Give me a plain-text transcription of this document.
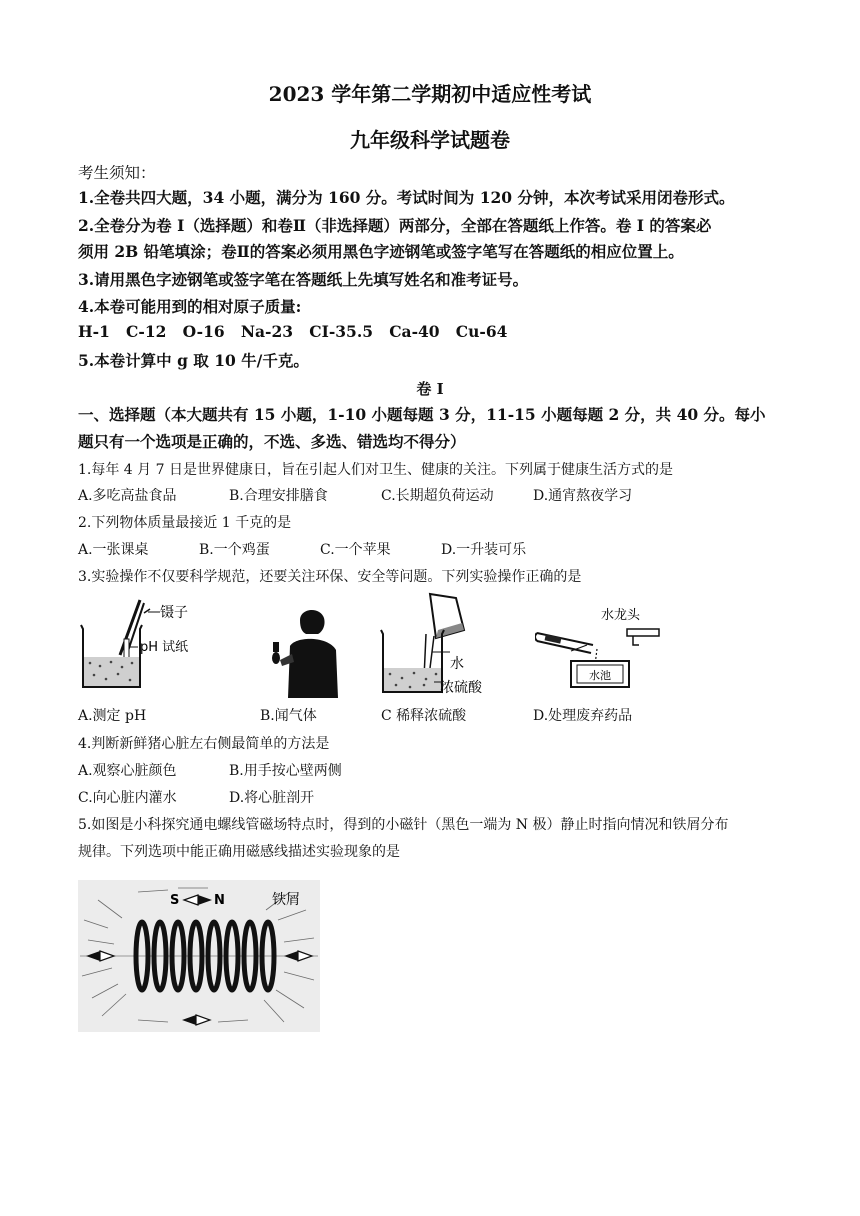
2023 学年第二学期初中适应性考试
九年级科学试题卷
考生须知：
1.全卷共四大题，34 小题，满分为 160 分。考试时间为 120 分钟，本次考试采用闭卷形式。
2.全卷分为卷 I（选择题）和卷Ⅱ（非选择题）两部分，全部在答题纸上作答。卷 I 的答案必
须用 2B 铅笔填涂；卷Ⅱ的答案必须用黑色字迹钢笔或签字笔写在答题纸的相应位置上。
3.请用黑色字迹钢笔或签字笔在答题纸上先填写姓名和准考证号。
4.本卷可能用到的相对原子质量:
H-1   C-12   O-16   Na-23   CI-35.5   Ca-40   Cu-64
5.本卷计算中 g 取 10 牛/千克。
卷 I
一、选择题（本大题共有 15 小题，1-10 小题每题 3 分，11-15 小题每题 2 分，共 40 分。每小
题只有一个选项是正确的，不选、多选、错选均不得分）
1.每年 4 月 7 日是世界健康日，旨在引起人们对卫生、健康的关注。下列属于健康生活方式的是
A.多吃高盐食品	B.合理安排膳食	C.长期超负荷运动	D.通宵熬夜学习
2.下列物体质量最接近 1 千克的是
A.一张课桌	B.一个鸡蛋	C.一个苹果	D.一升装可乐
3.实验操作不仅要科学规范，还要关注环保、安全等问题。下列实验操作正确的是
镊子
pH 试纸
水
浓硫酸
水龙头
水池
A.测定 pH	B.闻气体	C 稀释浓硫酸	D.处理废弃药品
4.判断新鲜猪心脏左右侧最简单的方法是
A.观察心脏颜色	B.用手按心壁两侧
C.向心脏内灌水	D.将心脏剖开
5.如图是小科探究通电螺线管磁场特点时，得到的小磁针（黑色一端为 N 极）静止时指向情况和铁屑分布
规律。下列选项中能正确用磁感线描述实验现象的是
S	N	铁屑
